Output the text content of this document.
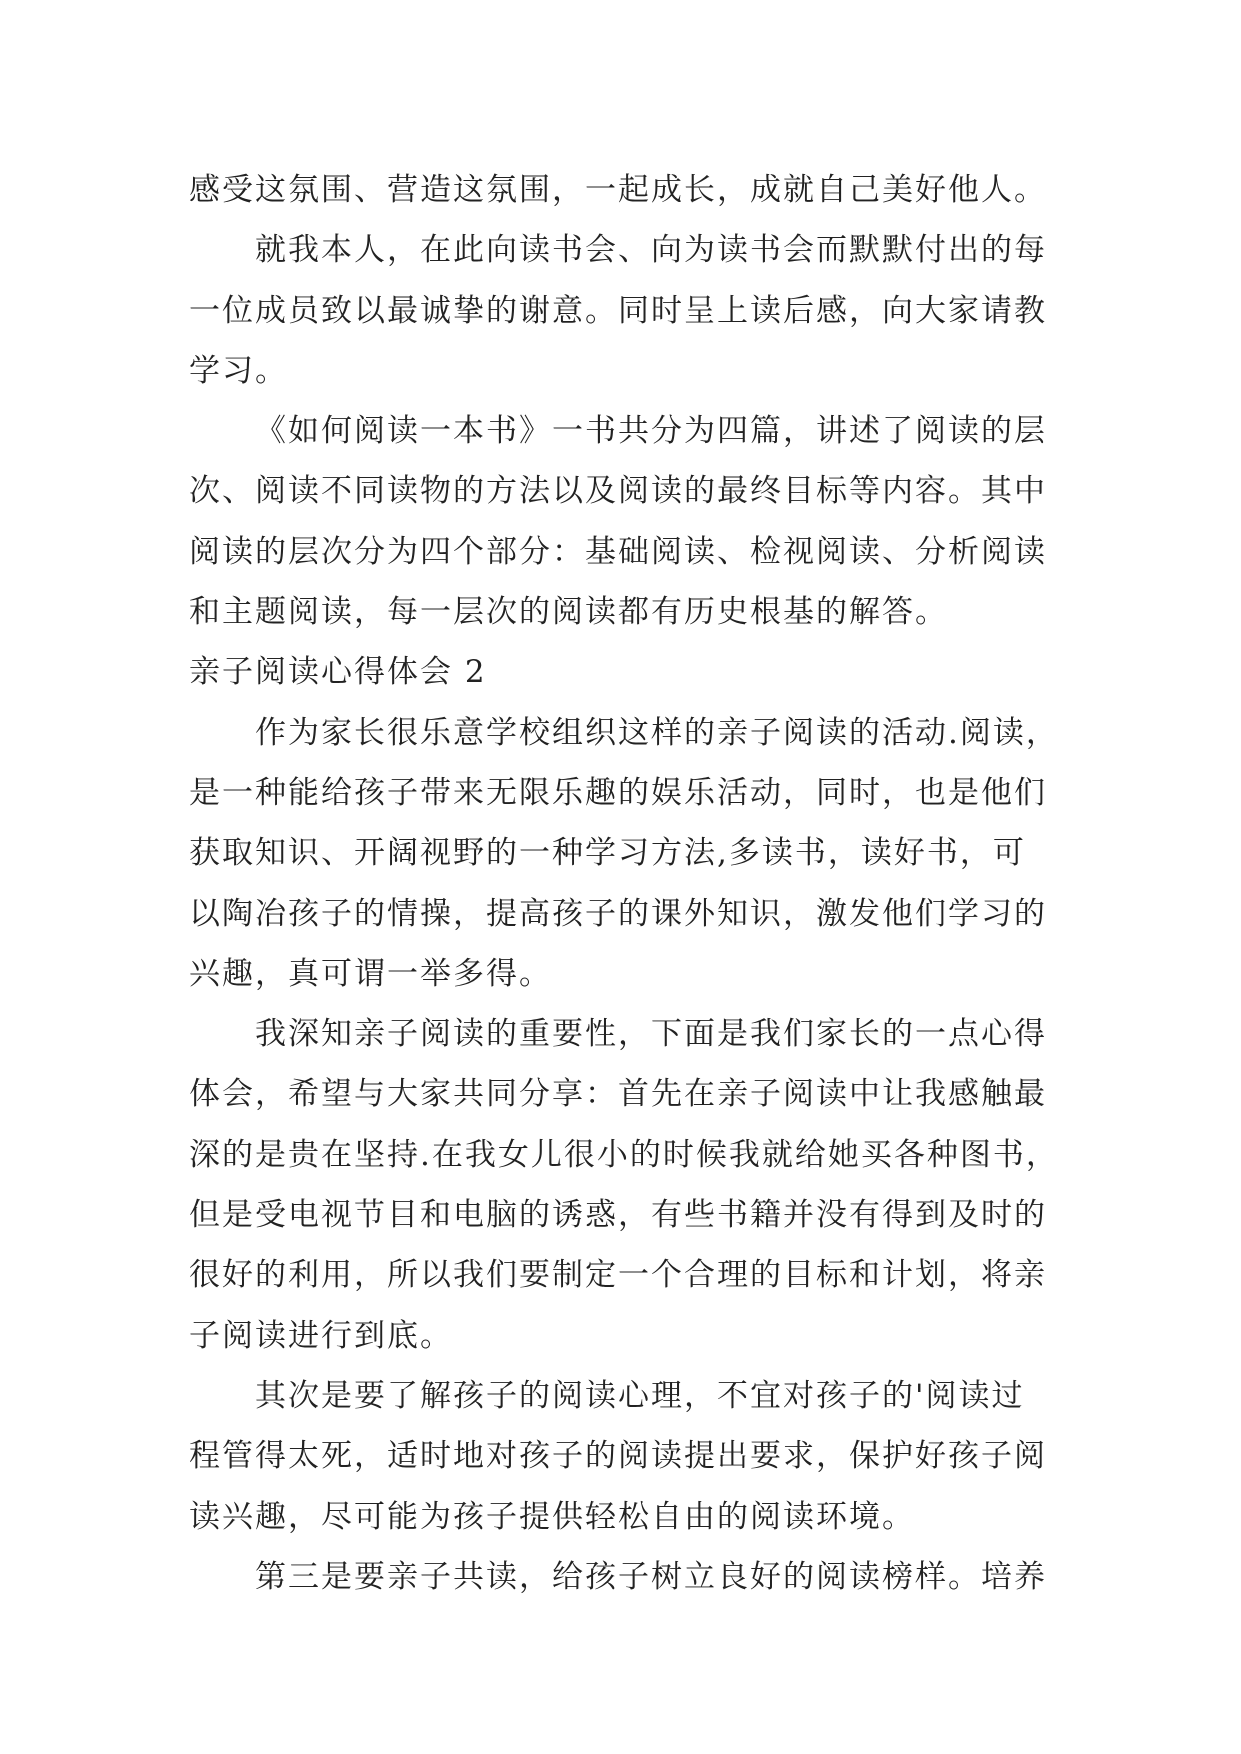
感受这氛围、营造这氛围，一起成长，成就自己美好他人。
就我本人，在此向读书会、向为读书会而默默付出的每
一位成员致以最诚挚的谢意。同时呈上读后感，向大家请教
学习。
《如何阅读一本书》一书共分为四篇，讲述了阅读的层
次、阅读不同读物的方法以及阅读的最终目标等内容。其中
阅读的层次分为四个部分：基础阅读、检视阅读、分析阅读
和主题阅读，每一层次的阅读都有历史根基的解答。
亲子阅读心得体会 2
作为家长很乐意学校组织这样的亲子阅读的活动.阅读，
是一种能给孩子带来无限乐趣的娱乐活动，同时，也是他们
获取知识、开阔视野的一种学习方法,多读书，读好书，可
以陶冶孩子的情操，提高孩子的课外知识，激发他们学习的
兴趣，真可谓一举多得。
我深知亲子阅读的重要性，下面是我们家长的一点心得
体会，希望与大家共同分享：首先在亲子阅读中让我感触最
深的是贵在坚持.在我女儿很小的时候我就给她买各种图书，
但是受电视节目和电脑的诱惑，有些书籍并没有得到及时的
很好的利用，所以我们要制定一个合理的目标和计划，将亲
子阅读进行到底。
其次是要了解孩子的阅读心理，不宜对孩子的'阅读过
程管得太死，适时地对孩子的阅读提出要求，保护好孩子阅
读兴趣，尽可能为孩子提供轻松自由的阅读环境。
第三是要亲子共读，给孩子树立良好的阅读榜样。培养
